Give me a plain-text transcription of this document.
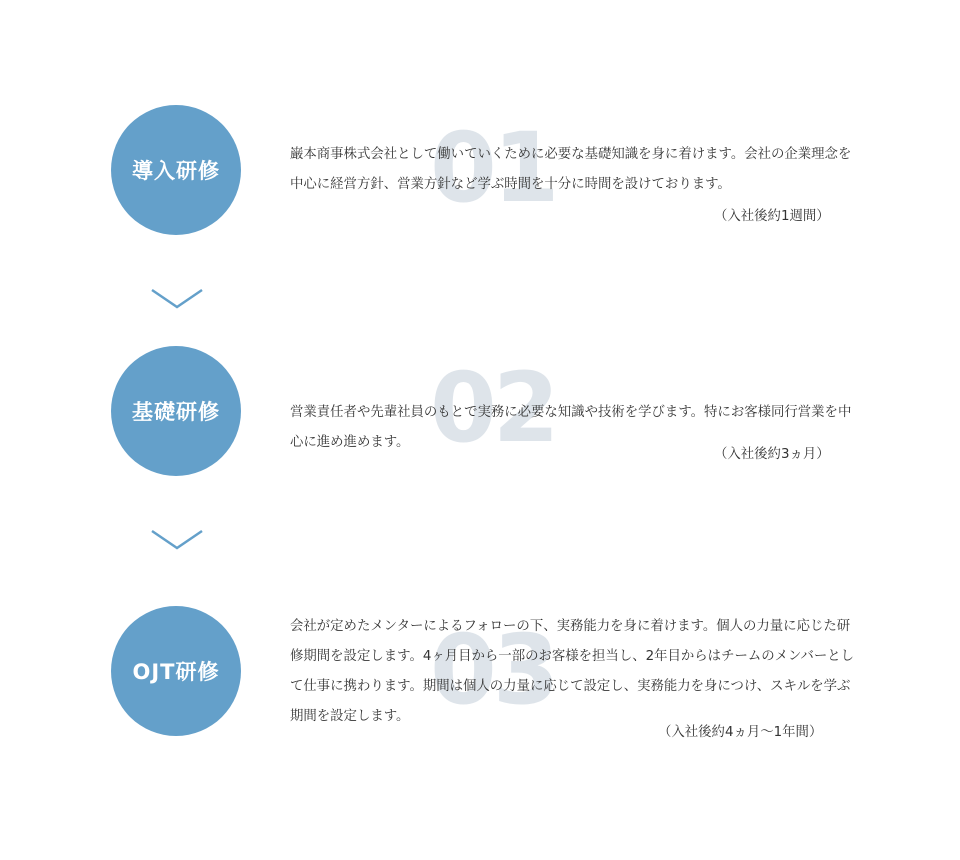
導入研修 01
巌本商事株式会社として働いていくために必要な基礎知識を身に着けます。会社の企業理念を中心に経営方針、営業方針など学ぶ時間を十分に時間を設けております。
（入社後約1週間）
基礎研修 02
営業責任者や先輩社員のもとで実務に必要な知識や技術を学びます。特にお客様同行営業を中心に進め進めます。
（入社後約3ヵ月）
OJT研修 03
会社が定めたメンターによるフォローの下、実務能力を身に着けます。個人の力量に応じた研修期間を設定します。4ヶ月目から一部のお客様を担当し、2年目からはチームのメンバーとして仕事に携わります。期間は個人の力量に応じて設定し、実務能力を身につけ、スキルを学ぶ期間を設定します。
（入社後約4ヵ月～1年間）
